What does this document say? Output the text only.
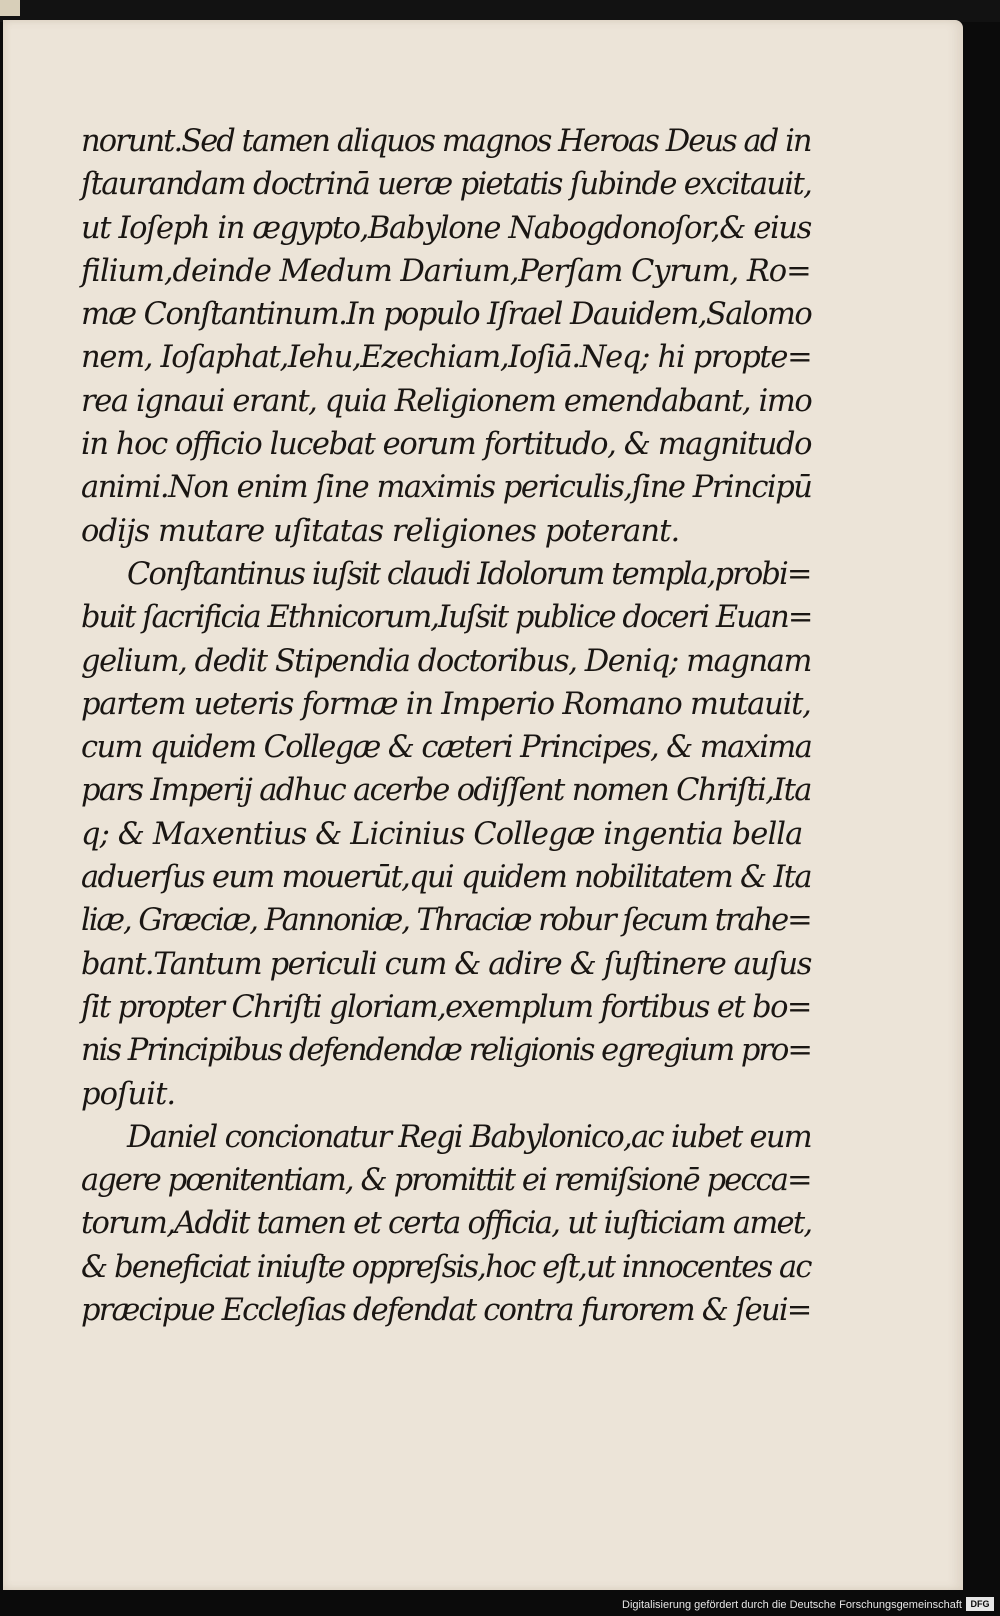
norunt.Sed tamen aliquos magnos Heroas Deus ad in
ſtaurandam doctrinā ueræ pietatis ſubinde excitauit,
ut Ioſeph in ægypto,Babylone Nabogdonoſor,& eius
filium,deinde Medum Darium,Perſam Cyrum, Ro=
mæ Conſtantinum.In populo Iſrael Dauidem,Salomo
nem, Ioſaphat,Iehu,Ezechiam,Ioſiā.Neq; hi propte=
rea ignaui erant, quia Religionem emendabant, imo
in hoc officio lucebat eorum fortitudo, & magnitudo
animi.Non enim ſine maximis periculis,ſine Principū
odijs mutare uſitatas religiones poterant.
Conſtantinus iuſsit claudi Idolorum templa,probi=
buit ſacrificia Ethnicorum,Iuſsit publice doceri Euan=
gelium, dedit Stipendia doctoribus, Deniq; magnam
partem ueteris formæ in Imperio Romano mutauit,
cum quidem Collegæ & cæteri Principes, & maxima
pars Imperij adhuc acerbe odiſſent nomen Chriſti,Ita
q; & Maxentius & Licinius Collegæ ingentia bella
aduerſus eum mouerūt,qui quidem nobilitatem & Ita
liæ, Græciæ, Pannoniæ, Thraciæ robur ſecum trahe=
bant.Tantum periculi cum & adire & ſuſtinere auſus
ſit propter Chriſti gloriam,exemplum fortibus et bo=
nis Principibus defendendæ religionis egregium pro=
poſuit.
Daniel concionatur Regi Babylonico,ac iubet eum
agere pœnitentiam, & promittit ei remiſsionē pecca=
torum,Addit tamen et certa officia, ut iuſticiam amet,
& beneficiat iniuſte oppreſsis,hoc eſt,ut innocentes ac
præcipue Eccleſias defendat contra furorem & ſeui=
Digitalisierung gefördert durch die Deutsche Forschungsgemeinschaft DFG
